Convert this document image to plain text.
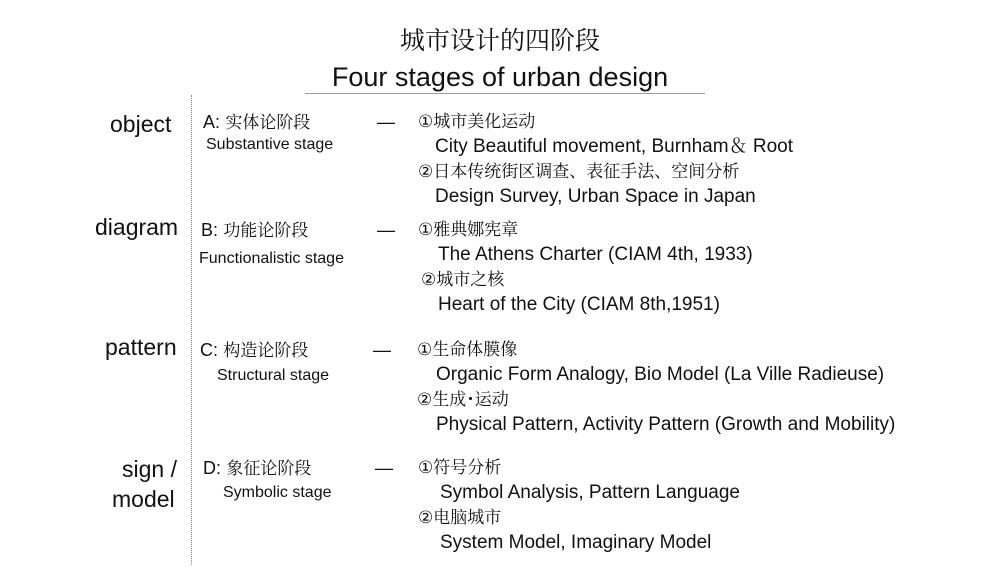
城市设计的四阶段
Four stages of urban design
object A: 实体论阶段
Substantive stage
— ①城市美化运动
City Beautiful movement, Burnham＆ Root
②日本传统街区调查、表征手法、空间分析
Design Survey, Urban Space in Japan
diagram B: 功能论阶段
Functionalistic stage
— ①雅典娜宪章
The Athens Charter (CIAM 4th, 1933)
②城市之核
Heart of the City (CIAM 8th,1951)
pattern C: 构造论阶段
Structural stage
— ①生命体膜像
Organic Form Analogy, Bio Model (La Ville Radieuse)
②生成･运动
Physical Pattern, Activity Pattern (Growth and Mobility)
sign /
model
D: 象征论阶段
Symbolic stage
— ①符号分析
Symbol Analysis, Pattern Language
②电脑城市
System Model, Imaginary Model
